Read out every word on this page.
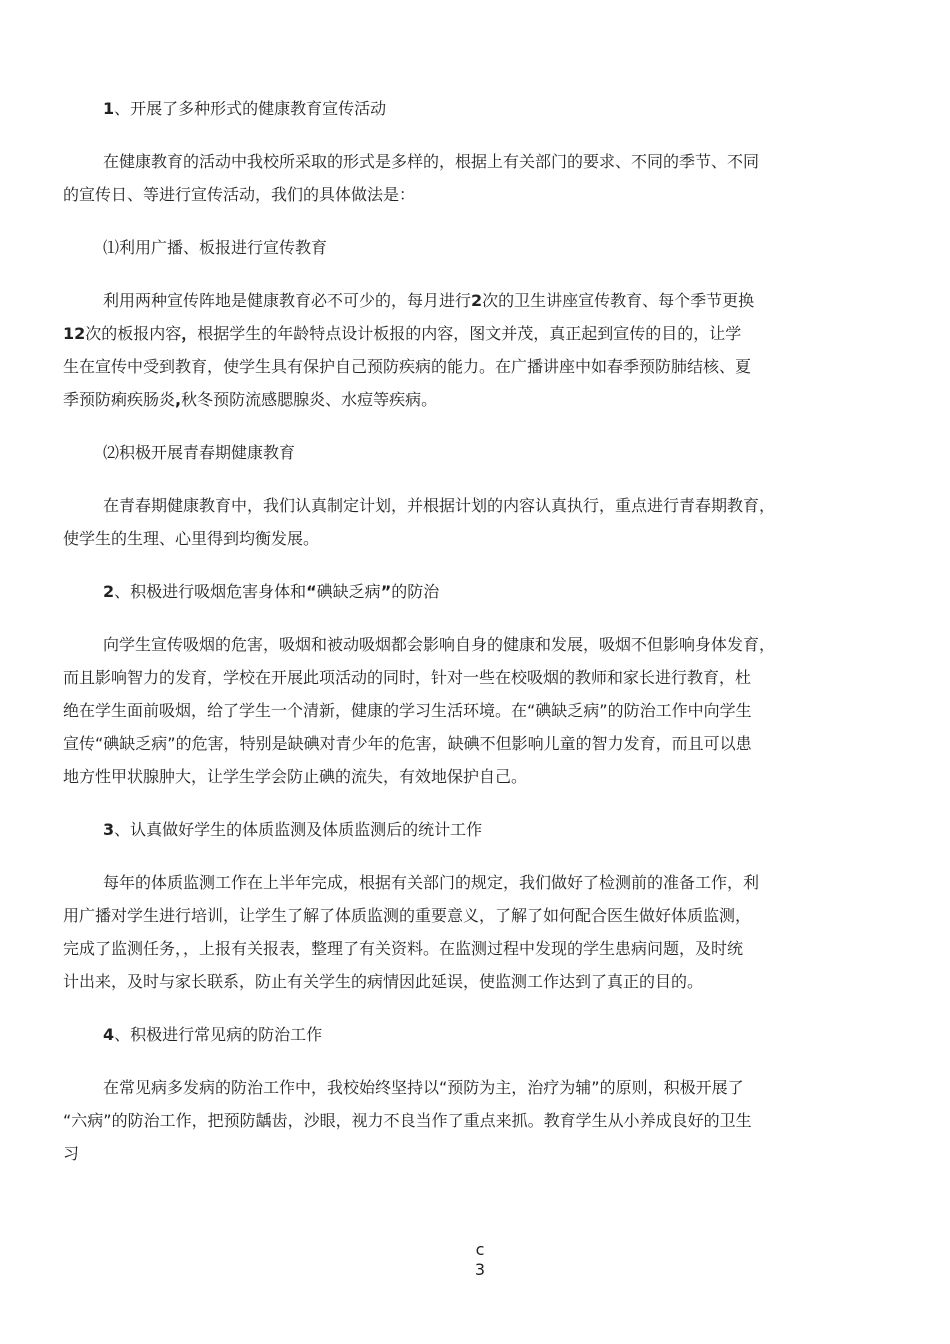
1、开展了多种形式的健康教育宣传活动
在健康教育的活动中我校所采取的形式是多样的，根据上有关部门的要求、不同的季节、不同
的宣传日、等进行宣传活动，我们的具体做法是：
⑴利用广播、板报进行宣传教育
利用两种宣传阵地是健康教育必不可少的，每月进行2次的卫生讲座宣传教育、每个季节更换
12次的板报内容，根据学生的年龄特点设计板报的内容，图文并茂，真正起到宣传的目的，让学
生在宣传中受到教育，使学生具有保护自己预防疾病的能力。在广播讲座中如春季预防肺结核、夏
季预防痢疾肠炎,秋冬预防流感腮腺炎、水痘等疾病。
⑵积极开展青春期健康教育
在青春期健康教育中，我们认真制定计划，并根据计划的内容认真执行，重点进行青春期教育，
使学生的生理、心里得到均衡发展。
2、积极进行吸烟危害身体和“碘缺乏病”的防治
向学生宣传吸烟的危害，吸烟和被动吸烟都会影响自身的健康和发展，吸烟不但影响身体发育，
而且影响智力的发育，学校在开展此项活动的同时，针对一些在校吸烟的教师和家长进行教育，杜
绝在学生面前吸烟，给了学生一个清新，健康的学习生活环境。在“碘缺乏病”的防治工作中向学生
宣传“碘缺乏病”的危害，特别是缺碘对青少年的危害，缺碘不但影响儿童的智力发育，而且可以患
地方性甲状腺肿大，让学生学会防止碘的流失，有效地保护自己。
3、认真做好学生的体质监测及体质监测后的统计工作
每年的体质监测工作在上半年完成，根据有关部门的规定，我们做好了检测前的准备工作，利
用广播对学生进行培训，让学生了解了体质监测的重要意义，了解了如何配合医生做好体质监测，
完成了监测任务，，上报有关报表，整理了有关资料。在监测过程中发现的学生患病问题，及时统
计出来，及时与家长联系，防止有关学生的病情因此延误，使监测工作达到了真正的目的。
4、积极进行常见病的防治工作
在常见病多发病的防治工作中，我校始终坚持以“预防为主，治疗为辅”的原则，积极开展了
“六病”的防治工作，把预防龋齿，沙眼，视力不良当作了重点来抓。教育学生从小养成良好的卫生
习
c
3
